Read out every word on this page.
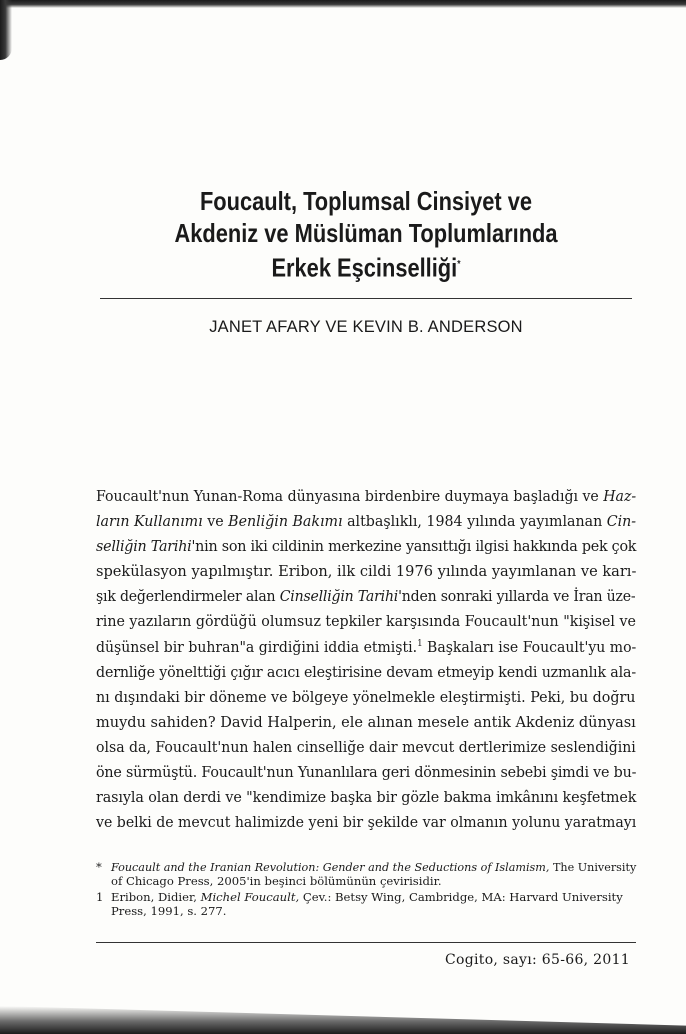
Foucault, Toplumsal Cinsiyet ve
Akdeniz ve Müslüman Toplumlarında
Erkek Eşcinselliği*
JANET AFARY VE KEVIN B. ANDERSON
Foucault'nun Yunan-Roma dünyasına birdenbire duymaya başladığı ve Haz-
ların Kullanımı ve Benliğin Bakımı altbaşlıklı, 1984 yılında yayımlanan Cin-
selliğin Tarihi'nin son iki cildinin merkezine yansıttığı ilgisi hakkında pek çok
spekülasyon yapılmıştır. Eribon, ilk cildi 1976 yılında yayımlanan ve karı-
şık değerlendirmeler alan Cinselliğin Tarihi'nden sonraki yıllarda ve İran üze-
rine yazıların gördüğü olumsuz tepkiler karşısında Foucault'nun "kişisel ve
düşünsel bir buhran"a girdiğini iddia etmişti.$^1$ Başkaları ise Foucault'yu mo-
dernliğe yöneltti̇ği çığır acıcı eleştirisine devam etmeyip kendi uzmanlık ala-
nı dışındaki bir döneme ve bölgeye yönelmekle eleştirmişti. Peki, bu doğru
muydu sahiden? David Halperin, ele alınan mesele antik Akdeniz dünyası
olsa da, Foucault'nun halen cinselliğe dair mevcut dertlerimize seslendiğini
öne sürmüştü. Foucault'nun Yunanlılara geri dönmesinin sebebi şimdi ve bu-
rasıyla olan derdi ve "kendimize başka bir gözle bakma imkânını keşfetmek
ve belki de mevcut halimizde yeni bir şekilde var olmanın yolunu yaratmayı
* Foucault and the Iranian Revolution: Gender and the Seductions of Islamism, The University
of Chicago Press, 2005'in beşinci bölümünün çevirisidir.
1 Eribon, Didier, Michel Foucault, Çev.: Betsy Wing, Cambridge, MA: Harvard University
Press, 1991, s. 277.
Cogito, sayı: 65-66, 2011
